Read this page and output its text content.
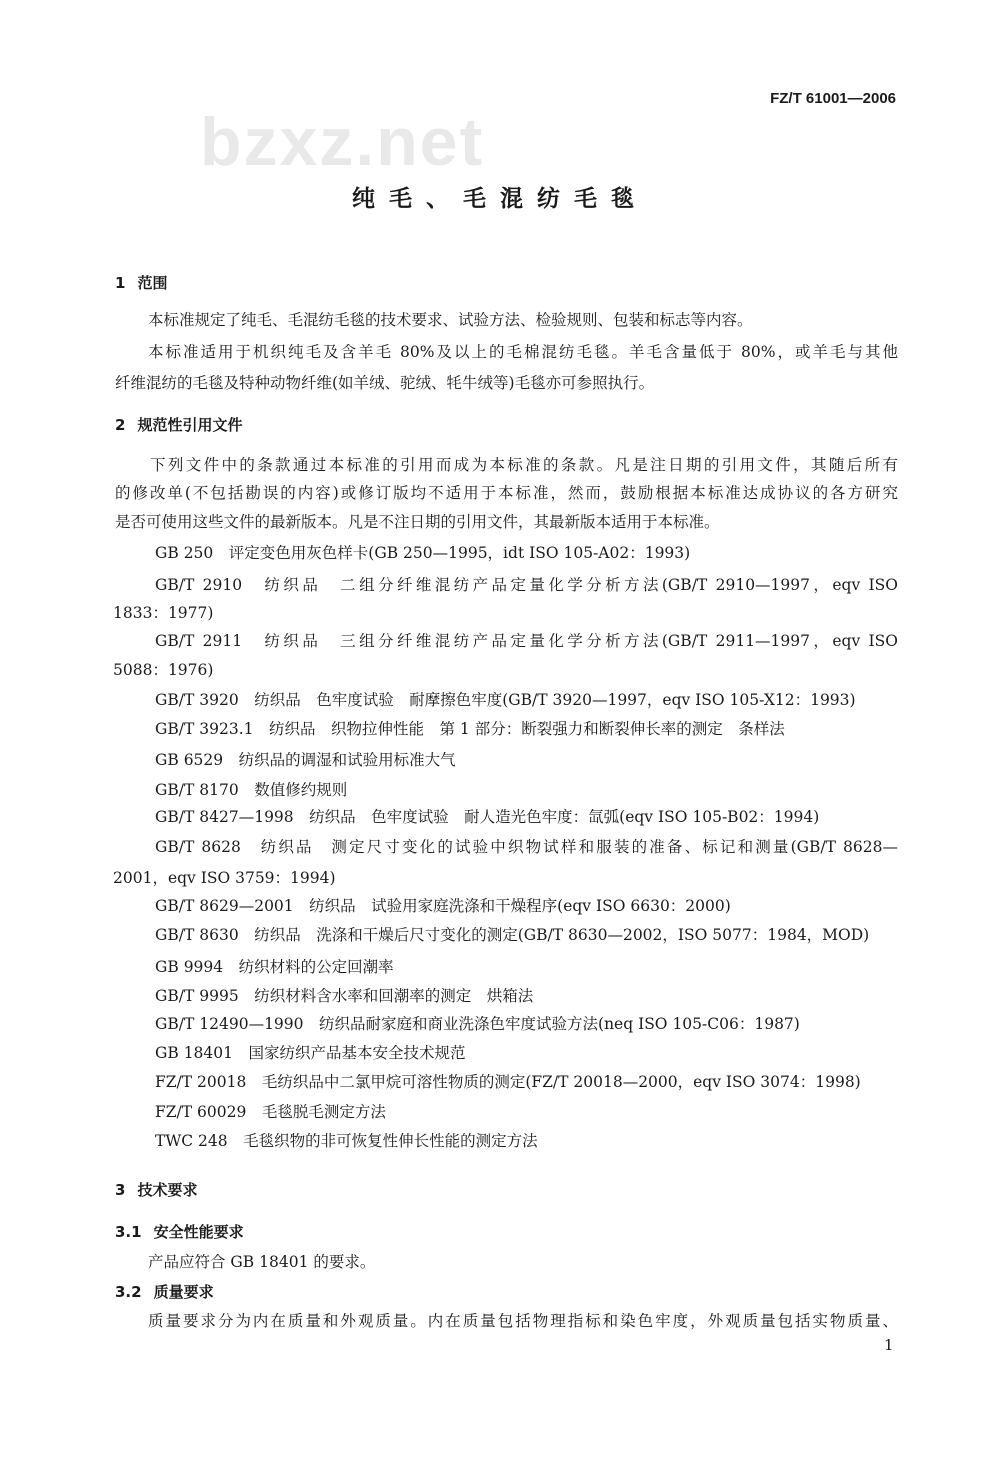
bzxz.net
FZ/T 61001—2006
纯毛、毛混纺毛毯
1 范围
本标准规定了纯毛、毛混纺毛毯的技术要求、试验方法、检验规则、包装和标志等内容。
本标准适用于机织纯毛及含羊毛 80%及以上的毛棉混纺毛毯。羊毛含量低于 80%，或羊毛与其他
纤维混纺的毛毯及特种动物纤维(如羊绒、驼绒、牦牛绒等)毛毯亦可参照执行。
2 规范性引用文件
下列文件中的条款通过本标准的引用而成为本标准的条款。凡是注日期的引用文件，其随后所有
的修改单(不包括勘误的内容)或修订版均不适用于本标准，然而，鼓励根据本标准达成协议的各方研究
是否可使用这些文件的最新版本。凡是不注日期的引用文件，其最新版本适用于本标准。
GB 250　评定变色用灰色样卡(GB 250—1995，idt ISO 105-A02：1993)
GB/T 2910　纺织品　二组分纤维混纺产品定量化学分析方法(GB/T 2910—1997，eqv ISO
1833：1977)
GB/T 2911　纺织品　三组分纤维混纺产品定量化学分析方法(GB/T 2911—1997，eqv ISO
5088：1976)
GB/T 3920　纺织品　色牢度试验　耐摩擦色牢度(GB/T 3920—1997，eqv ISO 105-X12：1993)
GB/T 3923.1　纺织品　织物拉伸性能　第 1 部分：断裂强力和断裂伸长率的测定　条样法
GB 6529　纺织品的调湿和试验用标准大气
GB/T 8170　数值修约规则
GB/T 8427—1998　纺织品　色牢度试验　耐人造光色牢度：氙弧(eqv ISO 105-B02：1994)
GB/T 8628　纺织品　测定尺寸变化的试验中织物试样和服装的准备、标记和测量(GB/T 8628—
2001，eqv ISO 3759：1994)
GB/T 8629—2001　纺织品　试验用家庭洗涤和干燥程序(eqv ISO 6630：2000)
GB/T 8630　纺织品　洗涤和干燥后尺寸变化的测定(GB/T 8630—2002，ISO 5077：1984，MOD)
GB 9994　纺织材料的公定回潮率
GB/T 9995　纺织材料含水率和回潮率的测定　烘箱法
GB/T 12490—1990　纺织品耐家庭和商业洗涤色牢度试验方法(neq ISO 105-C06：1987)
GB 18401　国家纺织产品基本安全技术规范
FZ/T 20018　毛纺织品中二氯甲烷可溶性物质的测定(FZ/T 20018—2000，eqv ISO 3074：1998)
FZ/T 60029　毛毯脱毛测定方法
TWC 248　毛毯织物的非可恢复性伸长性能的测定方法
3 技术要求
3.1 安全性能要求
产品应符合 GB 18401 的要求。
3.2 质量要求
质量要求分为内在质量和外观质量。内在质量包括物理指标和染色牢度，外观质量包括实物质量、
1
